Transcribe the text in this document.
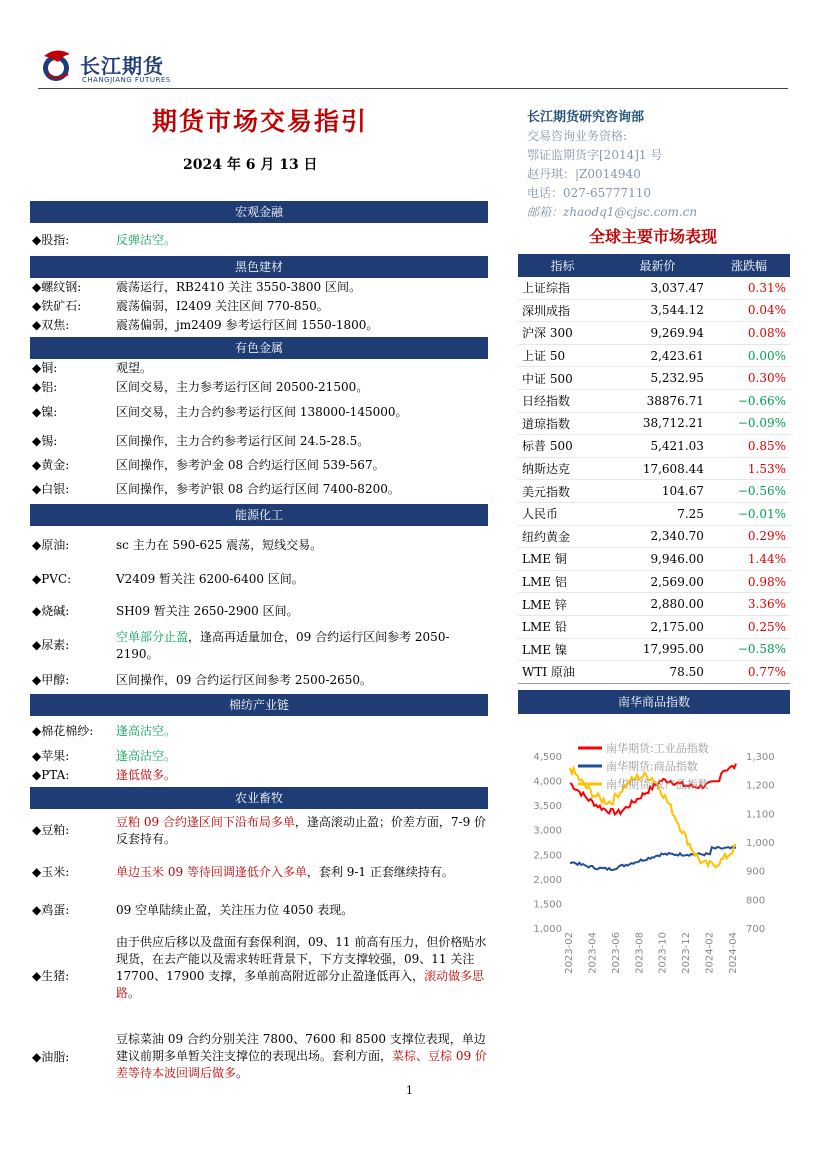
长江期货
CHANGJIANG FUTURES
期货市场交易指引
2024 年 6 月 13 日
长江期货研究咨询部
交易咨询业务资格:
鄂证监期货字[2014]1 号
赵丹琪：|Z0014940
电话：027-65777110
邮箱：zhaodq1@cjsc.com.cn
宏观金融
◆股指:	反弹沽空。
黑色建材
◆螺纹钢:	震荡运行，RB2410 关注 3550-3800 区间。
◆铁矿石:	震荡偏弱，I2409 关注区间 770-850。
◆双焦:	震荡偏弱，jm2409 参考运行区间 1550-1800。
有色金属
◆铜:	观望。
◆铝:	区间交易，主力参考运行区间 20500-21500。
◆镍:	区间交易，主力合约参考运行区间 138000-145000。
◆锡:	区间操作，主力合约参考运行区间 24.5-28.5。
◆黄金:	区间操作，参考沪金 08 合约运行区间 539-567。
◆白银:	区间操作，参考沪银 08 合约运行区间 7400-8200。
能源化工
◆原油:	sc 主力在 590-625 震荡，短线交易。
◆PVC:	V2409 暂关注 6200-6400 区间。
◆烧碱:	SH09 暂关注 2650-2900 区间。
◆尿素:
空单部分止盈，逢高再适量加仓，09 合约运行区间参考 2050-2190。
◆甲醇:	区间操作，09 合约运行区间参考 2500-2650。
棉纺产业链
◆棉花棉纱: 逢高沽空。
◆苹果:	逢高沽空。
◆PTA:	逢低做多。
农业畜牧
◆豆粕:
豆粕 09 合约逢区间下沿布局多单，逢高滚动止盈；价差方面，7-9 价反套持有。
◆玉米:	单边玉米 09 等待回调逢低介入多单，套利 9-1 正套继续持有。
◆鸡蛋:	09 空单陆续止盈，关注压力位 4050 表现。
◆生猪:
由于供应后移以及盘面有套保利润，09、11 前高有压力，但价格贴水现货，在去产能以及需求转旺背景下，下方支撑较强，09、11 关注 17700、17900 支撑，多单前高附近部分止盈逢低再入，滚动做多思路。
◆油脂:
豆棕菜油 09 合约分别关注 7800、7600 和 8500 支撑位表现，单边建议前期多单暂关注支撑位的表现出场。套利方面，菜棕、豆棕 09 价差等待本波回调后做多。
全球主要市场表现
指标	最新价	涨跌幅
上证综指	3,037.47	0.31%
深圳成指	3,544.12	0.04%
沪深 300	9,269.94	0.08%
上证 50	2,423.61	0.00%
中证 500	5,232.95	0.30%
日经指数	38876.71	−0.66%
道琼指数	38,712.21	−0.09%
标普 500	5,421.03	0.85%
纳斯达克	17,608.44	1.53%
美元指数	104.67	−0.56%
人民币	7.25	−0.01%
纽约黄金	2,340.70	0.29%
LME 铜	9,946.00	1.44%
LME 铝	2,569.00	0.98%
LME 锌	2,880.00	3.36%
LME 铅	2,175.00	0.25%
LME 镍	17,995.00	−0.58%
WTI 原油	78.50	0.77%
南华商品指数
4,500
4,000
3,500
3,000
2,500
2,000
1,500
1,000
1,300
1,200
1,100
1,000
900
800
700
2023-02 2023-04 2023-06 2023-08 2023-10 2023-12 2024-02 2024-04
南华期货:工业品指数
南华期货:商品指数
南华期货:农产品指数
1
